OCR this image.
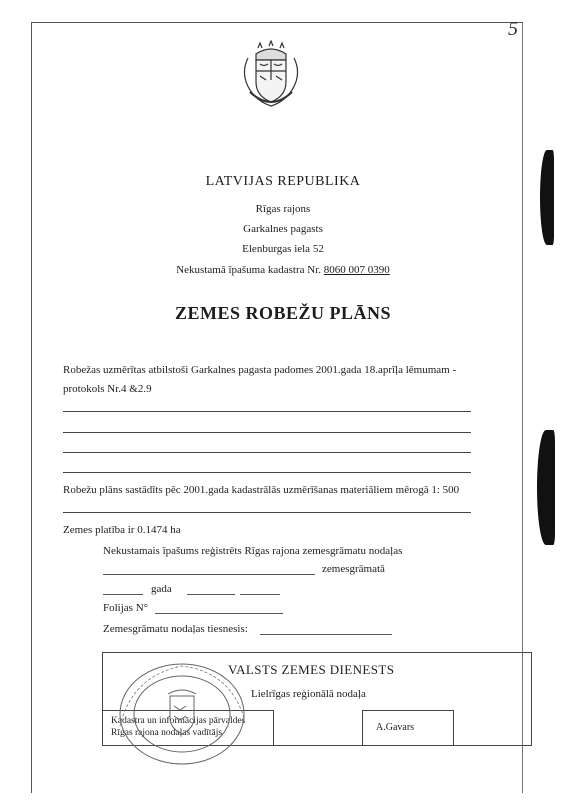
5
LATVIJAS REPUBLIKA
Rīgas rajons
Garkalnes pagasts
Elenburgas iela 52
Nekustamā īpašuma kadastra Nr. 8060 007 0390
ZEMES ROBEŽU PLĀNS
Robežas uzmērītas atbilstoši Garkalnes pagasta padomes 2001.gada 18.aprīļa lēmumam -
protokols Nr.4 &2.9
Robežu plāns sastādīts pēc 2001.gada kadastrālās uzmērīšanas materiāliem mērogā 1: 500
Zemes platība ir 0.1474 ha
Nekustamais īpašums reģistrēts Rīgas rajona zemesgrāmatu nodaļas
zemesgrāmatā
gada
Folijas N°
Zemesgrāmatu nodaļas tiesnesis:
VALSTS ZEMES DIENESTS
Lielrīgas reģionālā nodaļa
Kadastra un informācijas pārvaldes
Rīgas rajona nodaļas vadītājs	A.Gavars
